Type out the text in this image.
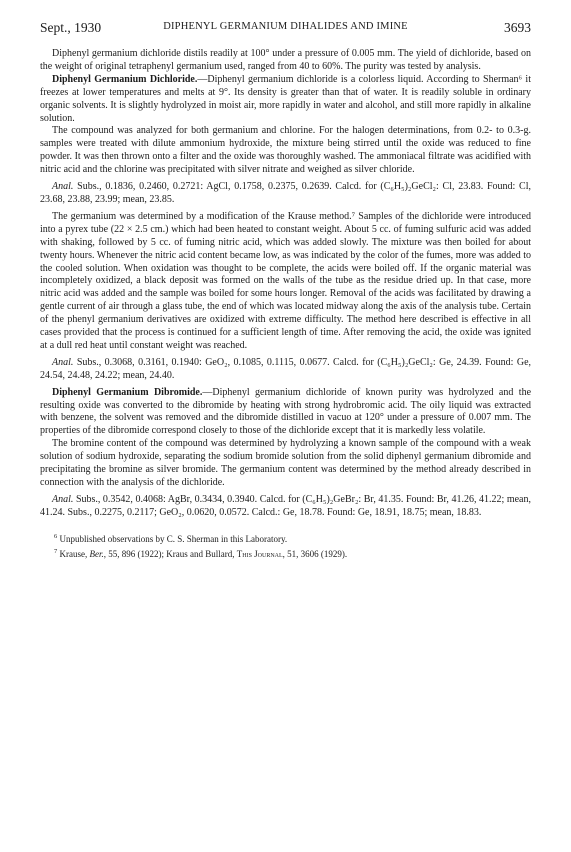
Sept., 1930	DIPHENYL GERMANIUM DIHALIDES AND IMINE	3693

Diphenyl germanium dichloride distils readily at 100° under a pressure of 0.005 mm. The yield of dichloride, based on the weight of original tetraphenyl germanium used, ranged from 40 to 60%. The purity was tested by analysis.

Diphenyl Germanium Dichloride.—Diphenyl germanium dichloride is a colorless liquid. According to Sherman⁶ it freezes at lower temperatures and melts at 9°. Its density is greater than that of water. It is readily soluble in ordinary organic solvents. It is slightly hydrolyzed in moist air, more rapidly in water and alcohol, and still more rapidly in alkaline solution.

The compound was analyzed for both germanium and chlorine. For the halogen determinations, from 0.2- to 0.3-g. samples were treated with dilute ammonium hydroxide, the mixture being stirred until the oxide was reduced to fine powder. It was then thrown onto a filter and the oxide was thoroughly washed. The ammoniacal filtrate was acidified with nitric acid and the chlorine was precipitated with silver nitrate and weighed as silver chloride.

Anal. Subs., 0.1836, 0.2460, 0.2721: AgCl, 0.1758, 0.2375, 0.2639. Calcd. for (C₆H₅)₂GeCl₂: Cl, 23.83. Found: Cl, 23.68, 23.88, 23.99; mean, 23.85.

The germanium was determined by a modification of the Krause method.⁷ Samples of the dichloride were introduced into a pyrex tube (22 × 2.5 cm.) which had been heated to constant weight. About 5 cc. of fuming sulfuric acid was added with shaking, followed by 5 cc. of fuming nitric acid, which was added slowly. The mixture was then boiled for about twenty hours. Whenever the nitric acid content became low, as was indicated by the color of the fumes, more was added to the cooled solution. When oxidation was thought to be complete, the acids were boiled off. If the organic material was incompletely oxidized, a black deposit was formed on the walls of the tube as the residue dried up. In that case, more nitric acid was added and the sample was boiled for some hours longer. Removal of the acids was facilitated by drawing a gentle current of air through a glass tube, the end of which was located midway along the axis of the analysis tube. Certain of the phenyl germanium derivatives are oxidized with extreme difficulty. The method here described is effective in all cases provided that the process is continued for a sufficient length of time. After removing the acid, the oxide was ignited at a dull red heat until constant weight was reached.

Anal. Subs., 0.3068, 0.3161, 0.1940: GeO₂, 0.1085, 0.1115, 0.0677. Calcd. for (C₆H₅)₂GeCl₂: Ge, 24.39. Found: Ge, 24.54, 24.48, 24.22; mean, 24.40.

Diphenyl Germanium Dibromide.—Diphenyl germanium dichloride of known purity was hydrolyzed and the resulting oxide was converted to the dibromide by heating with strong hydrobromic acid. The oily liquid was extracted with benzene, the solvent was removed and the dibromide distilled in vacuo at 120° under a pressure of 0.007 mm. The properties of the dibromide correspond closely to those of the dichloride except that it is markedly less volatile.

The bromine content of the compound was determined by hydrolyzing a known sample of the compound with a weak solution of sodium hydroxide, separating the sodium bromide solution from the solid diphenyl germanium dibromide and precipitating the bromine as silver bromide. The germanium content was determined by the method already described in connection with the analysis of the dichloride.

Anal. Subs., 0.3542, 0.4068: AgBr, 0.3434, 0.3940. Calcd. for (C₆H₅)₂GeBr₂: Br, 41.35. Found: Br, 41.26, 41.22; mean, 41.24. Subs., 0.2275, 0.2117; GeO₂, 0.0620, 0.0572. Calcd.: Ge, 18.78. Found: Ge, 18.91, 18.75; mean, 18.83.

$^6$ Unpublished observations by C. S. Sherman in this Laboratory.

$^7$ Krause, Ber., 55, 896 (1922); Kraus and Bullard, This Journal, 51, 3606 (1929).
